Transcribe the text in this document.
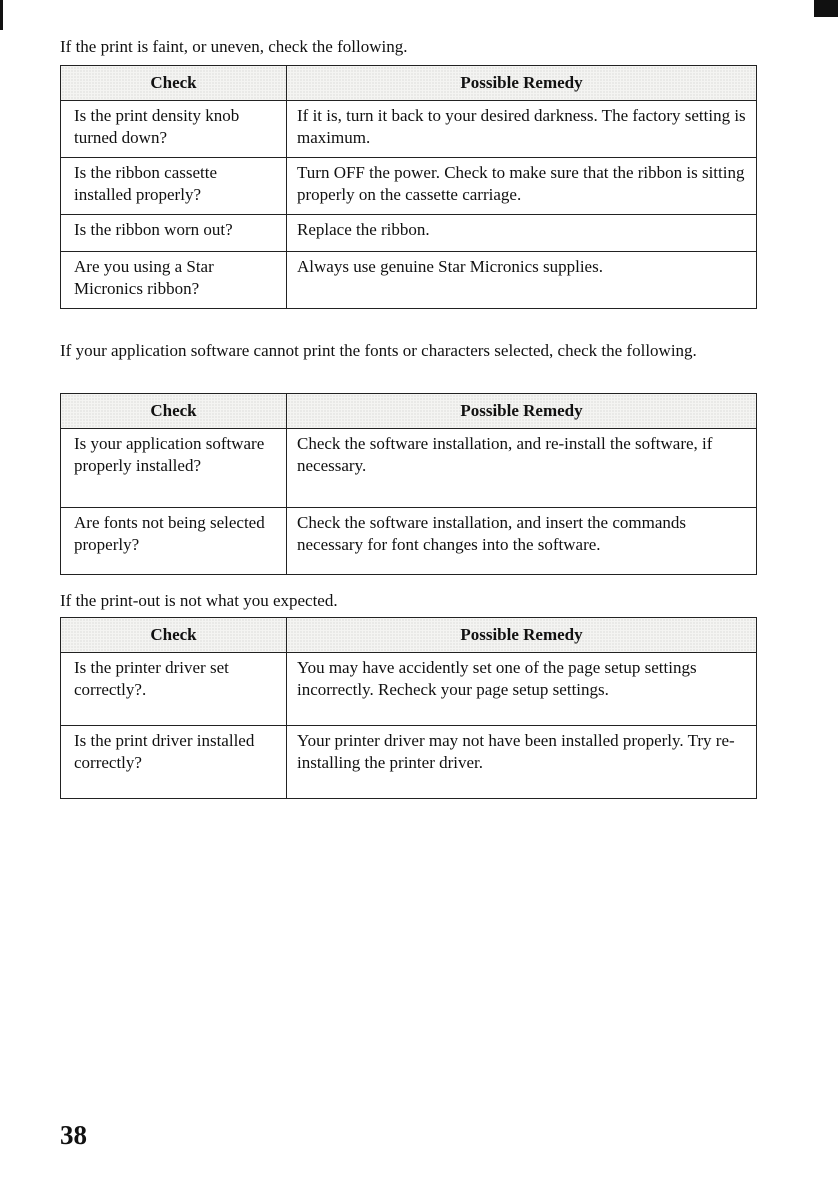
If the print is faint, or uneven, check the following.

Check	Possible Remedy
Is the print density knob turned down?	If it is, turn it back to your desired darkness. The factory setting is maximum.
Is the ribbon cassette installed properly?	Turn OFF the power. Check to make sure that the ribbon is sitting properly on the cassette carriage.
Is the ribbon worn out?	Replace the ribbon.
Are you using a Star Micronics ribbon?	Always use genuine Star Micronics supplies.

If your application software cannot print the fonts or characters selected, check the following.

Check	Possible Remedy
Is your application software properly installed?	Check the software installation, and re-install the software, if necessary.
Are fonts not being selected properly?	Check the software installation, and insert the commands necessary for font changes into the software.

If the print-out is not what you expected.

Check	Possible Remedy
Is the printer driver set correctly?.	You may have accidently set one of the page setup settings incorrectly. Recheck your page setup settings.
Is the print driver installed correctly?	Your printer driver may not have been installed properly. Try re-installing the printer driver.

38
